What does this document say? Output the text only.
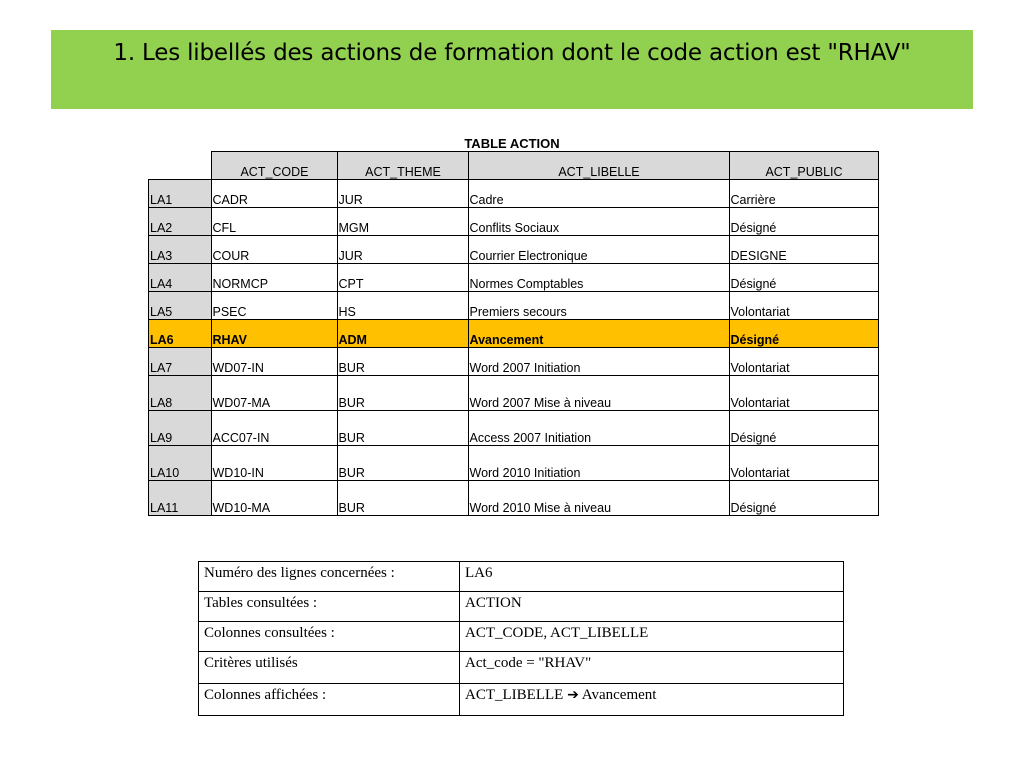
1. Les libellés des actions de formation dont le code action est "RHAV"
TABLE ACTION
	ACT_CODE	ACT_THEME	ACT_LIBELLE	ACT_PUBLIC
LA1	CADR	JUR	Cadre	Carrière
LA2	CFL	MGM	Conflits Sociaux	Désigné
LA3	COUR	JUR	Courrier Electronique	DESIGNE
LA4	NORMCP	CPT	Normes Comptables	Désigné
LA5	PSEC	HS	Premiers secours	Volontariat
LA6	RHAV	ADM	Avancement	Désigné
LA7	WD07-IN	BUR	Word 2007 Initiation	Volontariat
LA8	WD07-MA	BUR	Word 2007 Mise à niveau	Volontariat
LA9	ACC07-IN	BUR	Access 2007 Initiation	Désigné
LA10	WD10-IN	BUR	Word 2010 Initiation	Volontariat
LA11	WD10-MA	BUR	Word 2010 Mise à niveau	Désigné
Numéro des lignes concernées :	LA6
Tables consultées :	ACTION
Colonnes consultées :	ACT_CODE, ACT_LIBELLE
Critères utilisés	Act_code = "RHAV"
Colonnes affichées :	ACT_LIBELLE ➔ Avancement
